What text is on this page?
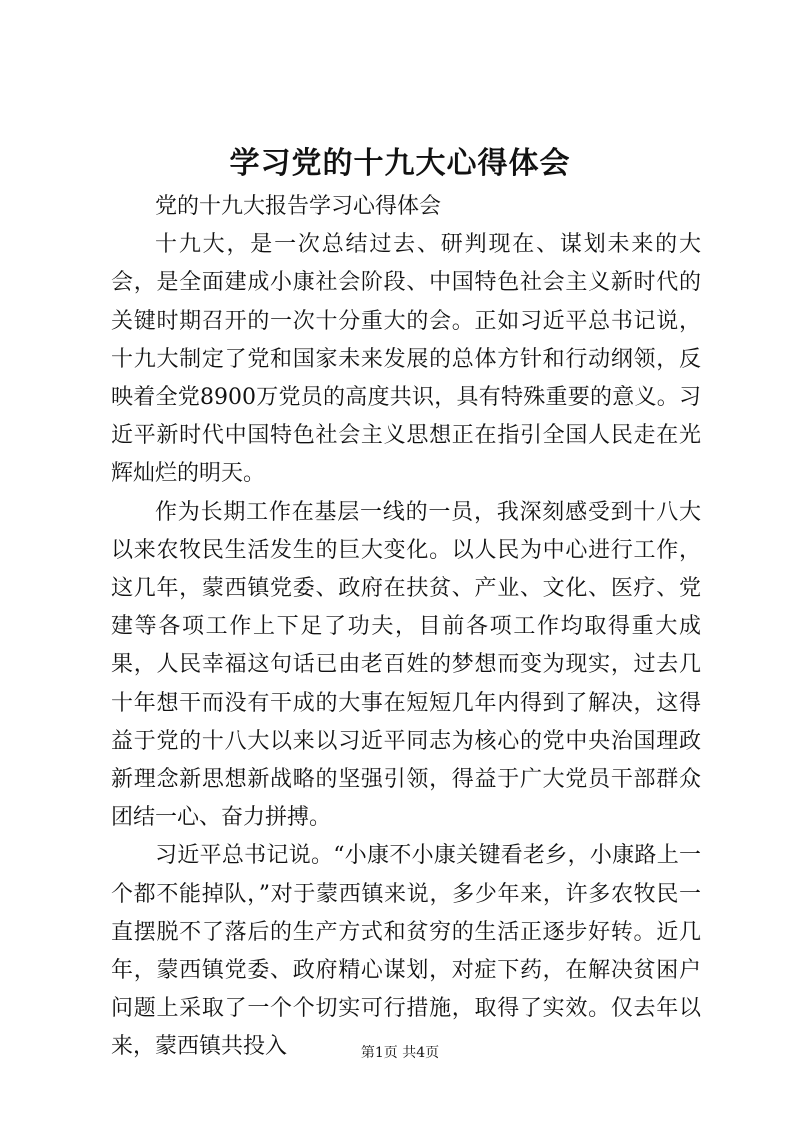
学习党的十九大心得体会

党的十九大报告学习心得体会

十九大，是一次总结过去、研判现在、谋划未来的大会，是全面建成小康社会阶段、中国特色社会主义新时代的关键时期召开的一次十分重大的会。正如习近平总书记说，十九大制定了党和国家未来发展的总体方针和行动纲领，反映着全党8900万党员的高度共识，具有特殊重要的意义。习近平新时代中国特色社会主义思想正在指引全国人民走在光辉灿烂的明天。

作为长期工作在基层一线的一员，我深刻感受到十八大以来农牧民生活发生的巨大变化。以人民为中心进行工作，这几年，蒙西镇党委、政府在扶贫、产业、文化、医疗、党建等各项工作上下足了功夫，目前各项工作均取得重大成果，人民幸福这句话已由老百姓的梦想而变为现实，过去几十年想干而没有干成的大事在短短几年内得到了解决，这得益于党的十八大以来以习近平同志为核心的党中央治国理政新理念新思想新战略的坚强引领，得益于广大党员干部群众团结一心、奋力拼搏。

习近平总书记说。“小康不小康关键看老乡，小康路上一个都不能掉队，”对于蒙西镇来说，多少年来，许多农牧民一直摆脱不了落后的生产方式和贫穷的生活正逐步好转。近几年，蒙西镇党委、政府精心谋划，对症下药，在解决贫困户问题上采取了一个个切实可行措施，取得了实效。仅去年以来，蒙西镇共投入	第1页 共4页
